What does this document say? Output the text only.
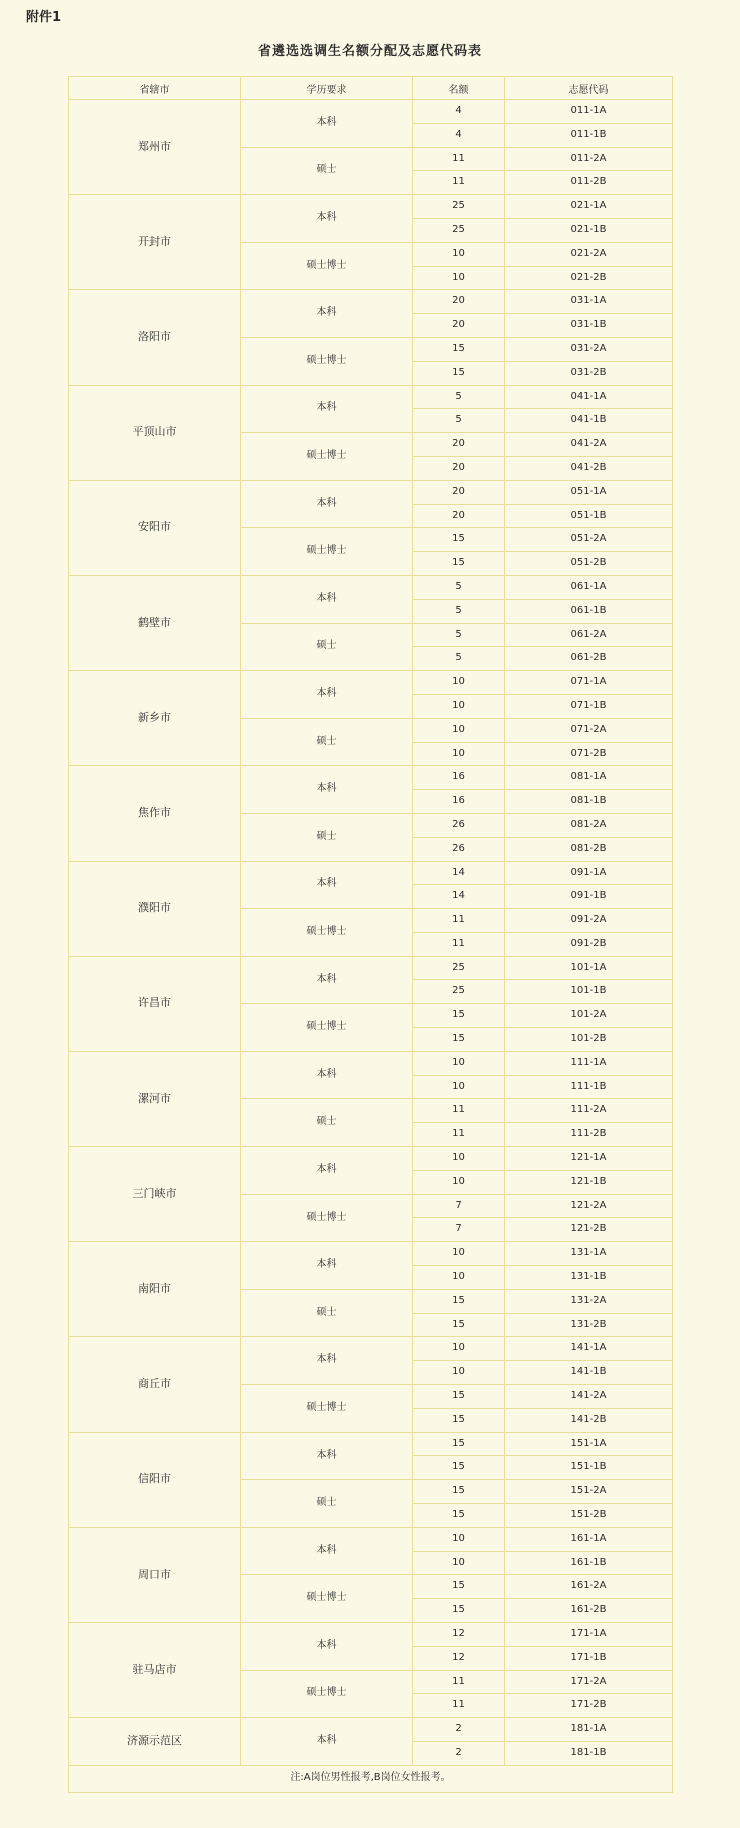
附件1
省遴选选调生名额分配及志愿代码表
省辖市	学历要求	名额	志愿代码
郑州市	本科	4	011-1A
		4	011-1B
	硕士	11	011-2A
		11	011-2B
开封市	本科	25	021-1A
		25	021-1B
	硕士博士	10	021-2A
		10	021-2B
洛阳市	本科	20	031-1A
		20	031-1B
	硕士博士	15	031-2A
		15	031-2B
平顶山市	本科	5	041-1A
		5	041-1B
	硕士博士	20	041-2A
		20	041-2B
安阳市	本科	20	051-1A
		20	051-1B
	硕士博士	15	051-2A
		15	051-2B
鹤壁市	本科	5	061-1A
		5	061-1B
	硕士	5	061-2A
		5	061-2B
新乡市	本科	10	071-1A
		10	071-1B
	硕士	10	071-2A
		10	071-2B
焦作市	本科	16	081-1A
		16	081-1B
	硕士	26	081-2A
		26	081-2B
濮阳市	本科	14	091-1A
		14	091-1B
	硕士博士	11	091-2A
		11	091-2B
许昌市	本科	25	101-1A
		25	101-1B
	硕士博士	15	101-2A
		15	101-2B
漯河市	本科	10	111-1A
		10	111-1B
	硕士	11	111-2A
		11	111-2B
三门峡市	本科	10	121-1A
		10	121-1B
	硕士博士	7	121-2A
		7	121-2B
南阳市	本科	10	131-1A
		10	131-1B
	硕士	15	131-2A
		15	131-2B
商丘市	本科	10	141-1A
		10	141-1B
	硕士博士	15	141-2A
		15	141-2B
信阳市	本科	15	151-1A
		15	151-1B
	硕士	15	151-2A
		15	151-2B
周口市	本科	10	161-1A
		10	161-1B
	硕士博士	15	161-2A
		15	161-2B
驻马店市	本科	12	171-1A
		12	171-1B
	硕士博士	11	171-2A
		11	171-2B
济源示范区	本科	2	181-1A
		2	181-1B
注:A岗位男性报考,B岗位女性报考。			
